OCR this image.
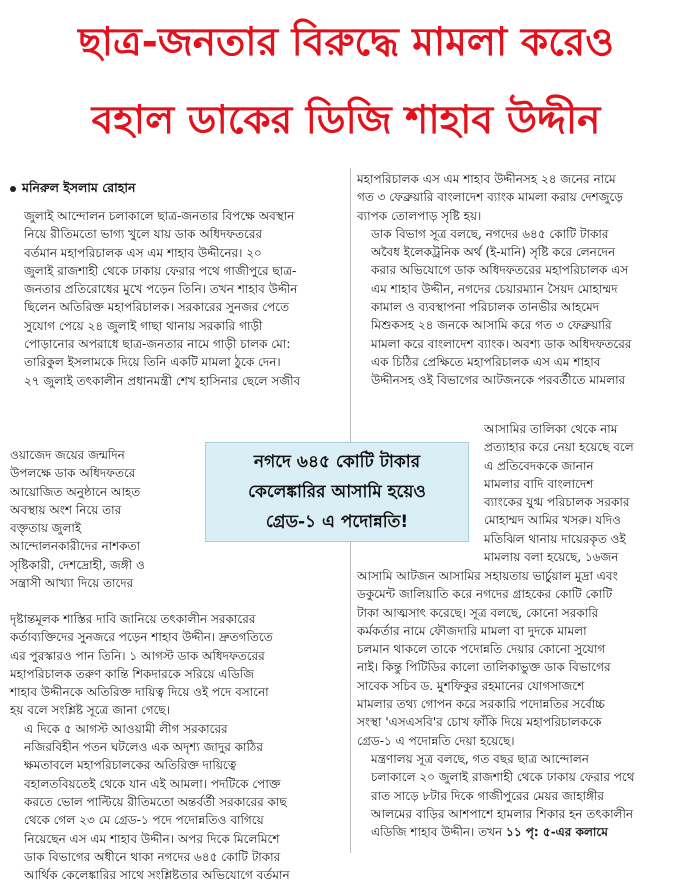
ছাত্র-জনতার বিরুদ্ধে মামলা করেও
বহাল ডাকের ডিজি শাহাব উদ্দীন
মনিরুল ইসলাম রোহান

জুলাই আন্দোলন চলাকালে ছাত্র-জনতার বিপক্ষে অবস্থান
নিয়ে রীতিমতো ভাগ্য খুলে যায় ডাক অধিদফতরের
বর্তমান মহাপরিচালক এস এম শাহাব উদ্দীনের। ২০
জুলাই রাজশাহী থেকে ঢাকায় ফেরার পথে গাজীপুরে ছাত্র-
জনতার প্রতিরোধের মুখে পড়েন তিনি। তখন শাহাব উদ্দীন
ছিলেন অতিরিক্ত মহাপরিচালক। সরকারের সুনজর পেতে
সুযোগ পেয়ে ২৪ জুলাই গাছা থানায় সরকারি গাড়ী
পোড়ানোর অপরাধে ছাত্র-জনতার নামে গাড়ী চালক মো:
তারিকুল ইসলামকে দিয়ে তিনি একটি মামলা ঠুকে দেন।
২৭ জুলাই তৎকালীন প্রধানমন্ত্রী শেখ হাসিনার ছেলে সজীব

ওয়াজেদ জয়ের জন্মদিন
উপলক্ষে ডাক অধিদফতরে
আয়োজিত অনুষ্ঠানে আহত
অবস্থায় অংশ নিয়ে তার
বক্তৃতায় জুলাই
আন্দোলনকারীদের নাশকতা
সৃষ্টিকারী, দেশদ্রোহী, জঙ্গী ও
সন্ত্রাসী আখ্যা দিয়ে তাদের

দৃষ্টান্তমূলক শাস্তির দাবি জানিয়ে তৎকালীন সরকারের
কর্তাব্যক্তিদের সুনজরে পড়েন শাহাব উদ্দীন। দ্রুতগতিতে
এর পুরস্কারও পান তিনি। ১ আগস্ট ডাক অধিদফতরের
মহাপরিচালক তরুণ কান্তি শিকদারকে সরিয়ে এডিজি
শাহাব উদ্দীনকে অতিরিক্ত দায়িত্ব দিয়ে ওই পদে বসানো
হয় বলে সংশ্লিষ্ট সূত্রে জানা গেছে।

এ দিকে ৫ আগস্ট আওয়ামী লীগ সরকারের
নজিরবিহীন পতন ঘটলেও এক অদৃশ্য জাদুর কাঠির
ক্ষমতাবলে মহাপরিচালকের অতিরিক্ত দায়িত্বে
বহালতবিয়তেই থেকে যান এই আমলা। পদটিকে পোক্ত
করতে ভোল পাল্টিয়ে রীতিমতো অন্তর্বর্তী সরকারের কাছ
থেকে গেল ২৩ মে গ্রেড-১ পদে পদোন্নতিও বাগিয়ে
নিয়েছেন এস এম শাহাব উদ্দীন। অপর দিকে মিলেমিশে
ডাক বিভাগের অধীনে থাকা নগদের ৬৪৫ কোটি টাকার
আর্থিক কেলেঙ্কারির সাথে সংশ্লিষ্টতার অভিযোগে বর্তমান

মহাপরিচালক এস এম শাহাব উদ্দীনসহ ২৪ জনের নামে
গত ৩ ফেব্রুয়ারি বাংলাদেশ ব্যাংক মামলা করায় দেশজুড়ে
ব্যাপক তোলপাড় সৃষ্টি হয়।

ডাক বিভাগ সূত্র বলছে, নগদের ৬৪৫ কোটি টাকার
অবৈধ ইলেকট্রনিক অর্থ (ই-মানি) সৃষ্টি করে লেনদেন
করার অভিযোগে ডাক অধিদফতরের মহাপরিচালক এস
এম শাহাব উদ্দীন, নগদের চেয়ারম্যান সৈয়দ মোহাম্মদ
কামাল ও ব্যবস্থাপনা পরিচালক তানভীর আহমেদ
মিশুকসহ ২৪ জনকে আসামি করে গত ৩ ফেব্রুয়ারি
মামলা করে বাংলাদেশ ব্যাংক। অবশ্য ডাক অধিদফতরের
এক চিঠির প্রেক্ষিতে মহাপরিচালক এস এম শাহাব
উদ্দীনসহ ওই বিভাগের আটজনকে পরবর্তীতে মামলার

আসামির তালিকা থেকে নাম
প্রত্যাহার করে নেয়া হয়েছে বলে
এ প্রতিবেদককে জানান
মামলার বাদি বাংলাদেশ
ব্যাংকের যুগ্ম পরিচালক সরকার
মোহাম্মদ আমির খসরু। যদিও
মতিঝিল থানায় দায়েরকৃত ওই
মামলায় বলা হয়েছে, ১৬জন

আসামি আটজন আসামির সহায়তায় ভার্চুয়াল মুদ্রা এবং
ডকুমেন্ট জালিয়াতি করে নগদের গ্রাহকের কোটি কোটি
টাকা আত্মসাৎ করেছে। সূত্র বলছে, কোনো সরকারি
কর্মকর্তার নামে ফৌজদারি মামলা বা দুদকে মামলা
চলমান থাকলে তাকে পদোন্নতি দেয়ার কোনো সুযোগ
নাই। কিন্তু পিটিডির কালো তালিকাভুক্ত ডাক বিভাগের
সাবেক সচিব ড. মুশফিকুর রহমানের যোগসাজশে
মামলার তথ্য গোপন করে সরকারি পদোন্নতির সর্বোচ্চ
সংস্থা 'এসএসবি'র চোখ ফাঁকি দিয়ে মহাপরিচালককে
গ্রেড-১ এ পদোন্নতি দেয়া হয়েছে।

মন্ত্রণালয় সূত্র বলছে, গত বছর ছাত্র আন্দোলন
চলাকালে ২০ জুলাই রাজশাহী থেকে ঢাকায় ফেরার পথে
রাত সাড়ে ৮টার দিকে গাজীপুরের মেয়র জাহাঙ্গীর
আলমের বাড়ির আশপাশে হামলার শিকার হন তৎকালীন
এডিজি শাহাব উদ্দীন। তখন ১১ পৃ: ৫-এর কলামে

নগদে ৬৪৫ কোটি টাকার
কেলেঙ্কারির আসামি হয়েও
গ্রেড-১ এ পদোন্নতি!
